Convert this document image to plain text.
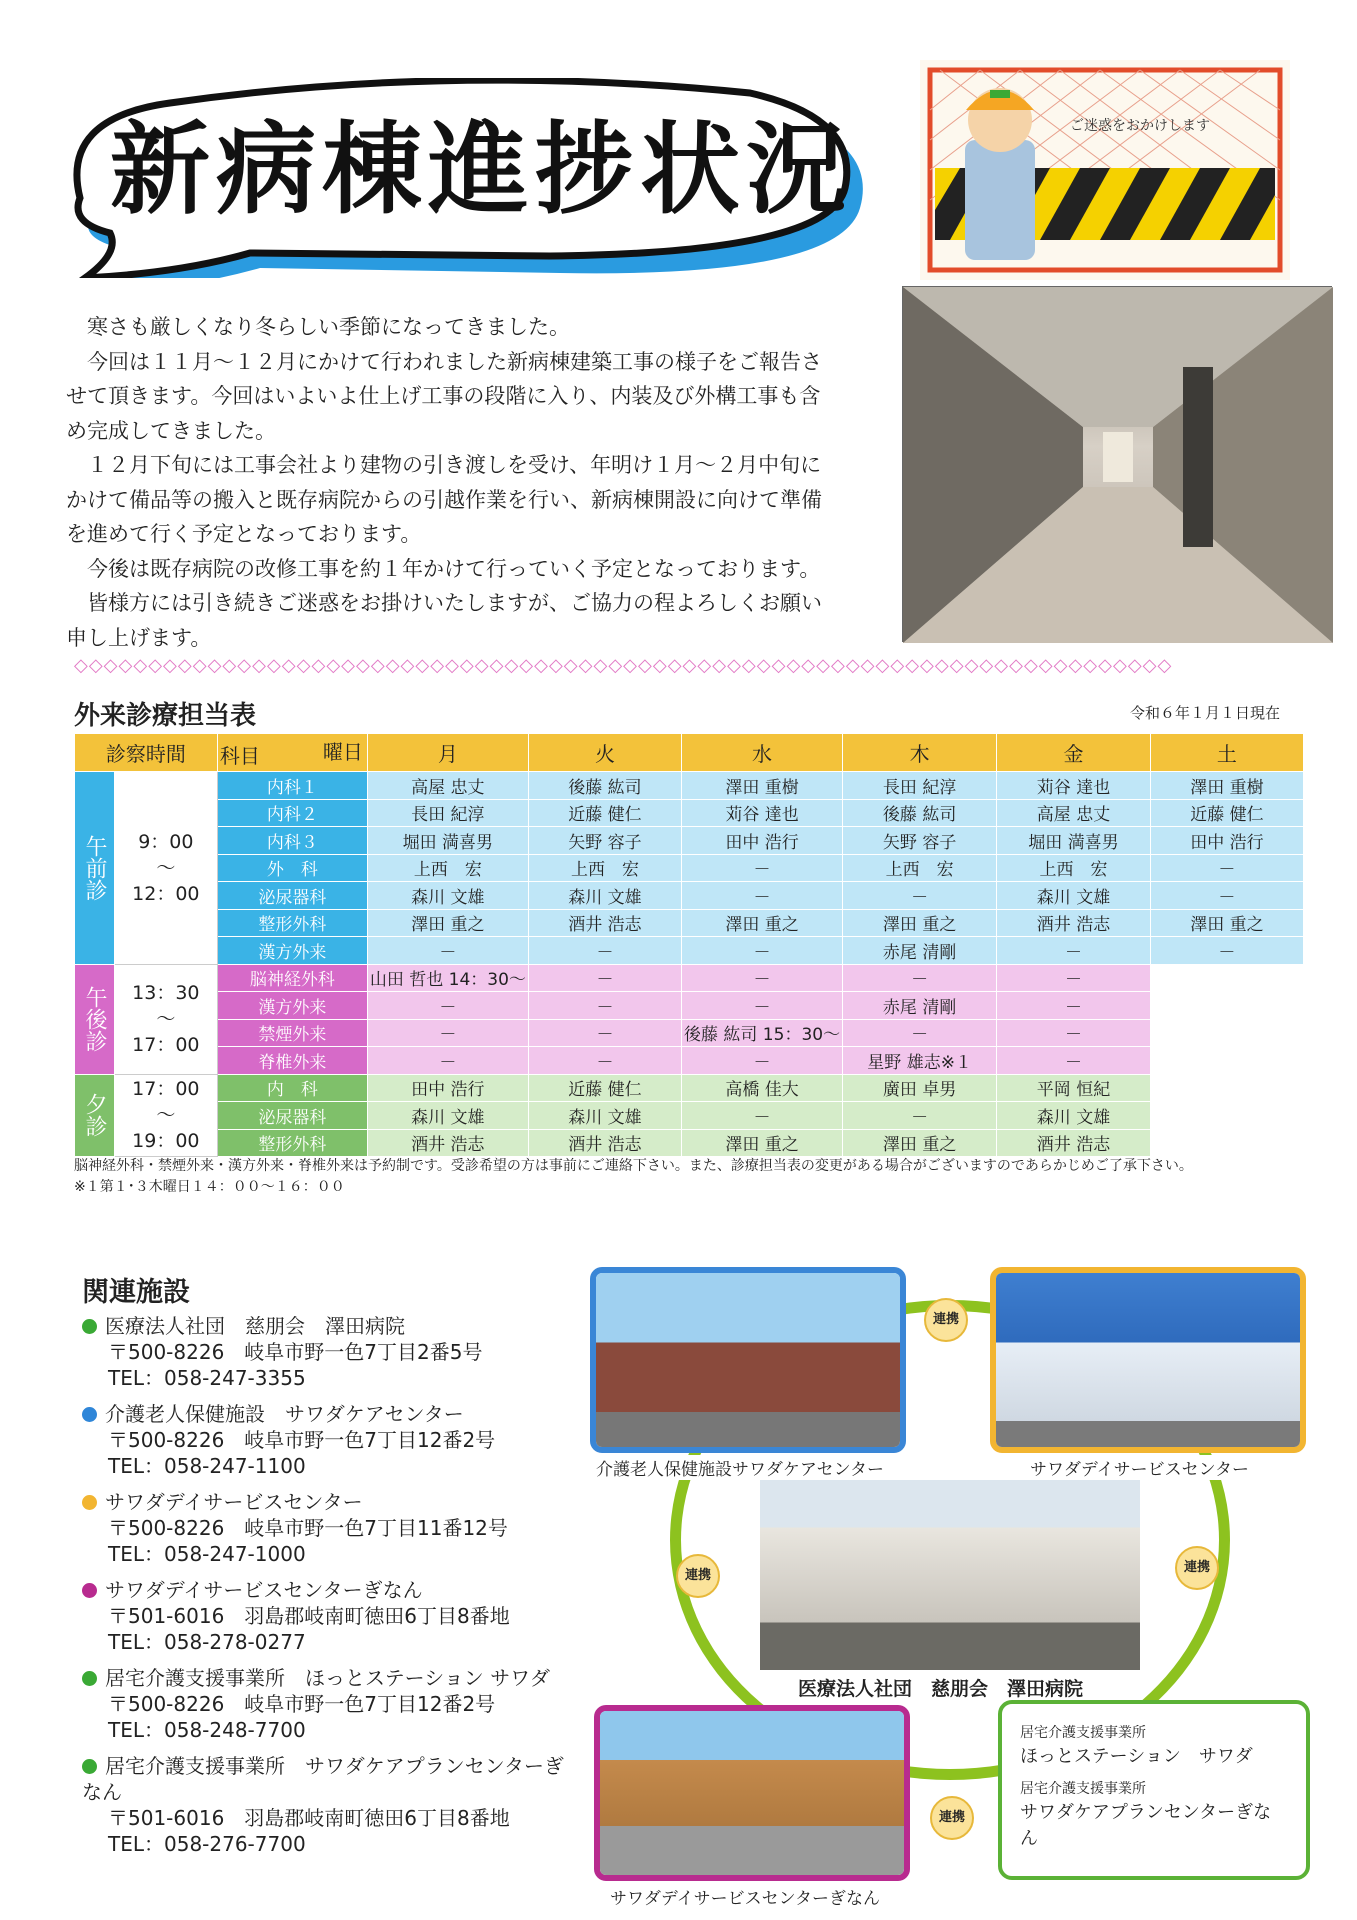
新病棟進捗状況	ご迷惑をおかけします

寒さも厳しくなり冬らしい季節になってきました。

今回は１１月～１２月にかけて行われました新病棟建築工事の様子をご報告さ

せて頂きます。今回はいよいよ仕上げ工事の段階に入り、内装及び外構工事も含

め完成してきました。

１２月下旬には工事会社より建物の引き渡しを受け、年明け１月～２月中旬に

かけて備品等の搬入と既存病院からの引越作業を行い、新病棟開設に向けて準備

を進めて行く予定となっております。

今後は既存病院の改修工事を約１年かけて行っていく予定となっております。

皆様方には引き続きご迷惑をお掛けいたしますが、ご協力の程よろしくお願い

申し上げます。

◇◇◇◇◇◇◇◇◇◇◇◇◇◇◇◇◇◇◇◇◇◇◇◇◇◇◇◇◇◇◇◇◇◇◇◇◇◇◇◇◇◇◇◇◇◇◇◇◇◇◇◇◇◇◇◇◇◇◇◇◇◇◇◇◇◇◇◇◇◇◇◇◇◇
外来診療担当表	令和６年１月１日現在
診察時間		曜日
科目	月	火	水	木	金	土
午前診	9：00
〜
12：00	内科１	高屋 忠丈	後藤 紘司	澤田 重樹	長田 紀淳	苅谷 達也	澤田 重樹
		内科２	長田 紀淳	近藤 健仁	苅谷 達也	後藤 紘司	高屋 忠丈	近藤 健仁
		内科３	堀田 満喜男	矢野 容子	田中 浩行	矢野 容子	堀田 満喜男	田中 浩行
		外　科	上西　宏	上西　宏	－	上西　宏	上西　宏	－
		泌尿器科	森川 文雄	森川 文雄	－	－	森川 文雄	－
		整形外科	澤田 重之	酒井 浩志	澤田 重之	澤田 重之	酒井 浩志	澤田 重之
		漢方外来	－	－	－	赤尾 清剛	－	－
午後診	13：30
〜
17：00	脳神経外科	山田 哲也 14：30～	－	－	－	－	
		漢方外来	－	－	－	赤尾 清剛	－	
		禁煙外来	－	－	後藤 紘司 15：30～	－	－	
		脊椎外来	－	－	－	星野 雄志※１	－	
夕診	17：00
〜
19：00	内　科	田中 浩行	近藤 健仁	高橋 佳大	廣田 卓男	平岡 恒紀	
		泌尿器科	森川 文雄	森川 文雄	－	－	森川 文雄	
		整形外科	酒井 浩志	酒井 浩志	澤田 重之	澤田 重之	酒井 浩志	
脳神経外科・禁煙外来・漢方外来・脊椎外来は予約制です。受診希望の方は事前にご連絡下さい。また、診療担当表の変更がある場合がございますのであらかじめご了承下さい。
※１第１･３木曜日１４：００～１６：００
関連施設
医療法人社団　慈朋会　澤田病院
〒500-8226　岐阜市野一色7丁目2番5号
TEL：058-247-3355
介護老人保健施設　サワダケアセンター
〒500-8226　岐阜市野一色7丁目12番2号
TEL：058-247-1100
サワダデイサービスセンター
〒500-8226　岐阜市野一色7丁目11番12号
TEL：058-247-1000
サワダデイサービスセンターぎなん
〒501-6016　羽島郡岐南町徳田6丁目8番地
TEL：058-278-0277
居宅介護支援事業所　ほっとステーション サワダ
〒500-8226　岐阜市野一色7丁目12番2号
TEL：058-248-7700
居宅介護支援事業所　サワダケアプランセンターぎなん
〒501-6016　羽島郡岐南町徳田6丁目8番地
TEL：058-276-7700
介護老人保健施設サワダケアセンター	サワダデイサービスセンター
医療法人社団　慈朋会　澤田病院
サワダデイサービスセンターぎなん
居宅介護支援事業所
ほっとステーション　サワダ
居宅介護支援事業所
サワダケアプランセンターぎなん
連携
連携
連携
連携
